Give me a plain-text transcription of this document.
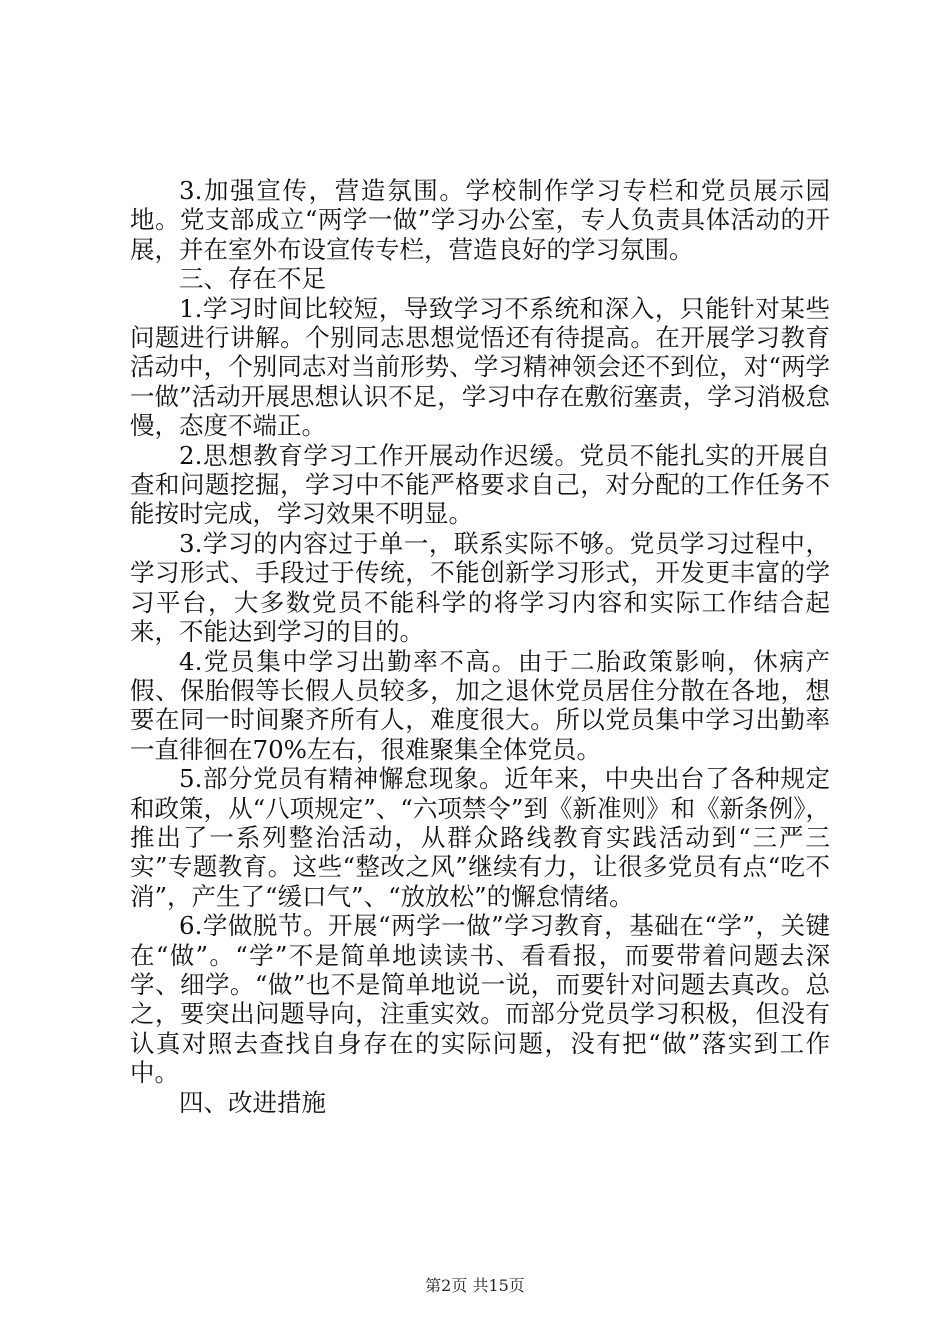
3.加强宣传，营造氛围。学校制作学习专栏和党员展示园地。党支部成立“两学一做”学习办公室，专人负责具体活动的开展，并在室外布设宣传专栏，营造良好的学习氛围。

三、存在不足

1.学习时间比较短，导致学习不系统和深入，只能针对某些问题进行讲解。个别同志思想觉悟还有待提高。在开展学习教育活动中，个别同志对当前形势、学习精神领会还不到位，对“两学一做”活动开展思想认识不足，学习中存在敷衍塞责，学习消极怠慢，态度不端正。

2.思想教育学习工作开展动作迟缓。党员不能扎实的开展自查和问题挖掘，学习中不能严格要求自己，对分配的工作任务不能按时完成，学习效果不明显。

3.学习的内容过于单一，联系实际不够。党员学习过程中，学习形式、手段过于传统，不能创新学习形式，开发更丰富的学习平台，大多数党员不能科学的将学习内容和实际工作结合起来，不能达到学习的目的。

4.党员集中学习出勤率不高。由于二胎政策影响，休病产假、保胎假等长假人员较多，加之退休党员居住分散在各地，想要在同一时间聚齐所有人，难度很大。所以党员集中学习出勤率一直徘徊在70%左右，很难聚集全体党员。

5.部分党员有精神懈怠现象。近年来，中央出台了各种规定和政策，从“八项规定”、“六项禁令”到《新准则》和《新条例》，推出了一系列整治活动，从群众路线教育实践活动到“三严三实”专题教育。这些“整改之风”继续有力，让很多党员有点“吃不消”，产生了“缓口气”、“放放松”的懈怠情绪。

6.学做脱节。开展“两学一做”学习教育，基础在“学”，关键在“做”。“学”不是简单地读读书、看看报，而要带着问题去深学、细学。“做”也不是简单地说一说，而要针对问题去真改。总之，要突出问题导向，注重实效。而部分党员学习积极，但没有认真对照去查找自身存在的实际问题，没有把“做”落实到工作中。

四、改进措施

第2页 共15页
